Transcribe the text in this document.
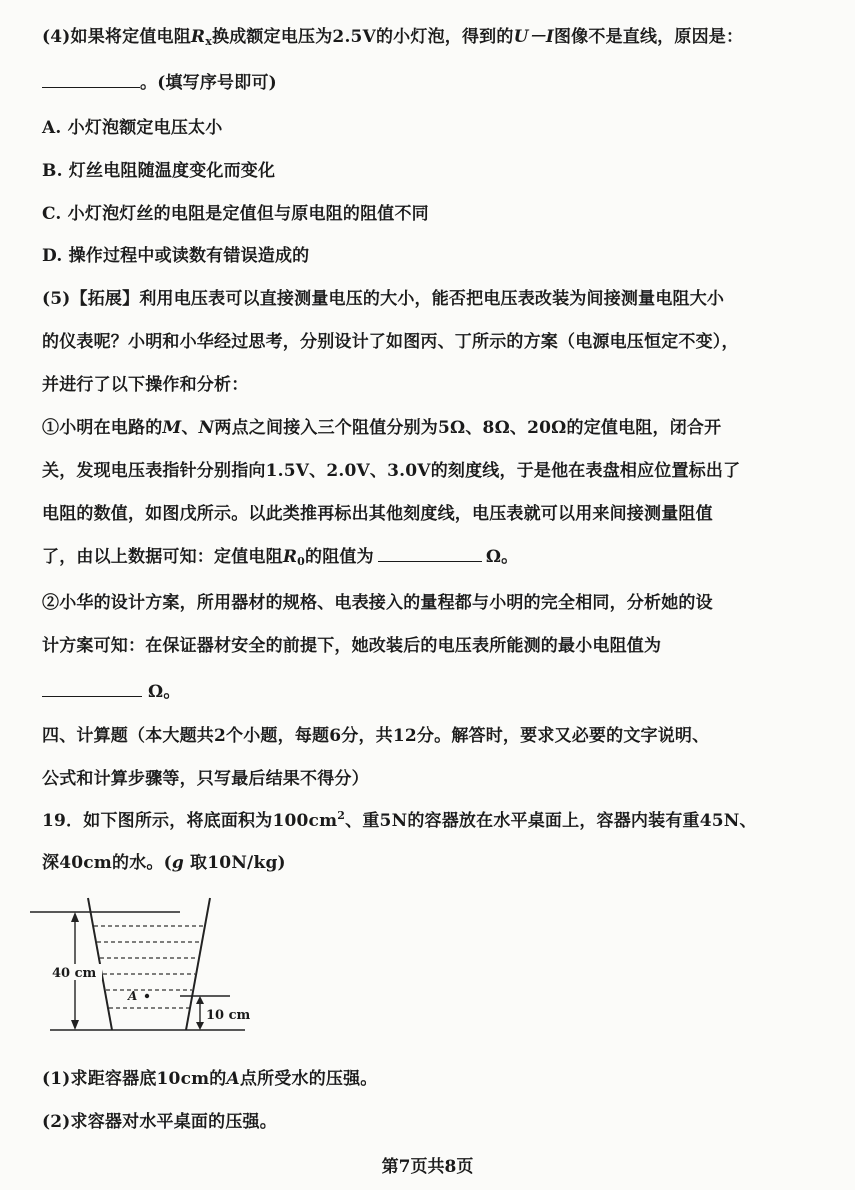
(4)如果将定值电阻$R_x$换成额定电压为2.5V的小灯泡，得到的U－I图像不是直线，原因是：
。(填写序号即可)
A. 小灯泡额定电压太小
B. 灯丝电阻随温度变化而变化
C. 小灯泡灯丝的电阻是定值但与原电阻的阻值不同
D. 操作过程中或读数有错误造成的
(5)【拓展】利用电压表可以直接测量电压的大小，能否把电压表改装为间接测量电阻大小
的仪表呢？小明和小华经过思考，分别设计了如图丙、丁所示的方案（电源电压恒定不变），
并进行了以下操作和分析：
①小明在电路的M、N两点之间接入三个阻值分别为5Ω、8Ω、20Ω的定值电阻，闭合开
关，发现电压表指针分别指向1.5V、2.0V、3.0V的刻度线，于是他在表盘相应位置标出了
电阻的数值，如图戊所示。以此类推再标出其他刻度线，电压表就可以用来间接测量阻值
了，由以上数据可知：定值电阻$R_0$的阻值为	Ω。
②小华的设计方案，所用器材的规格、电表接入的量程都与小明的完全相同，分析她的设
计方案可知：在保证器材安全的前提下，她改装后的电压表所能测的最小电阻值为
Ω。
四、计算题（本大题共2个小题，每题6分，共12分。解答时，要求又必要的文字说明、
公式和计算步骤等，只写最后结果不得分）
19．如下图所示，将底面积为$100cm^2$、重5N的容器放在水平桌面上，容器内装有重45N、
深40cm的水。(g 取10N/kg)
40 cm
A
10 cm
(1)求距容器底10cm的A点所受水的压强。
(2)求容器对水平桌面的压强。
第7页共8页
